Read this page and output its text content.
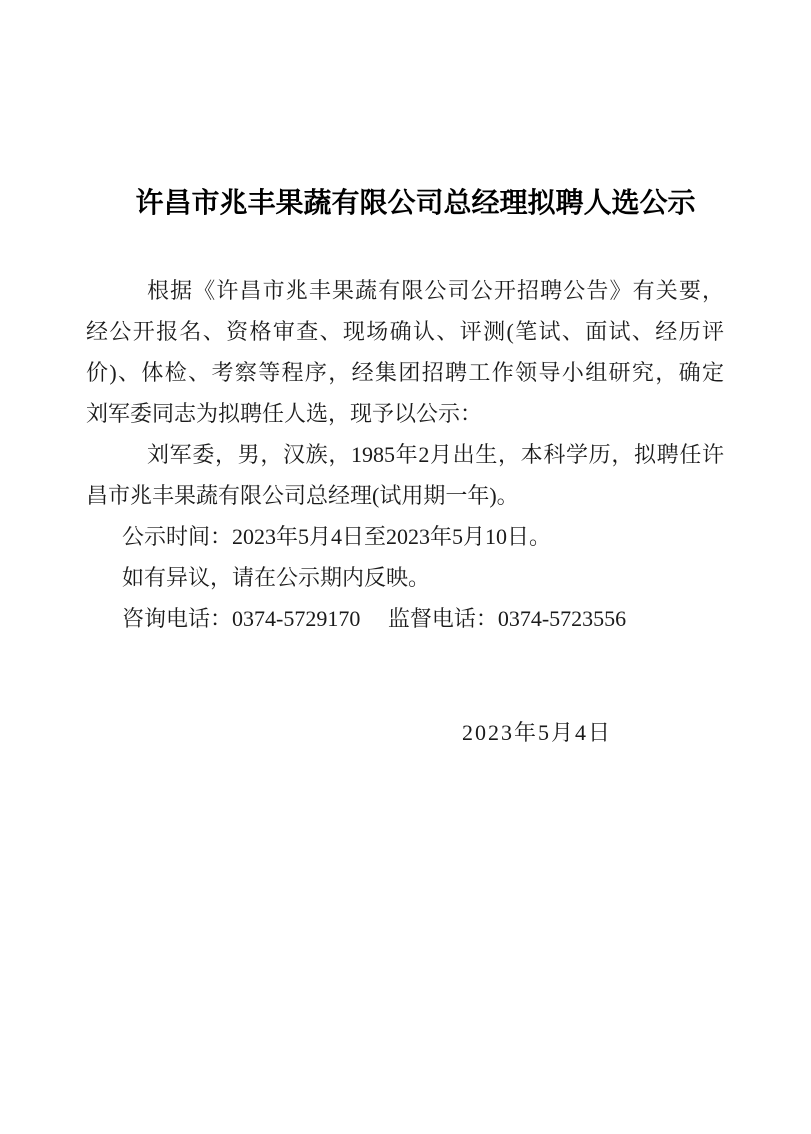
许昌市兆丰果蔬有限公司总经理拟聘人选公示

根据《许昌市兆丰果蔬有限公司公开招聘公告》有关要，

经公开报名、资格审查、现场确认、评测(笔试、面试、经历评

价)、体检、考察等程序，经集团招聘工作领导小组研究，确定

刘军委同志为拟聘任人选，现予以公示：

刘军委，男，汉族，1985年2月出生，本科学历，拟聘任许

昌市兆丰果蔬有限公司总经理(试用期一年)。

公示时间：2023年5月4日至2023年5月10日。

如有异议，请在公示期内反映。

咨询电话：0374-5729170　 监督电话：0374-5723556

2023年5月4日
